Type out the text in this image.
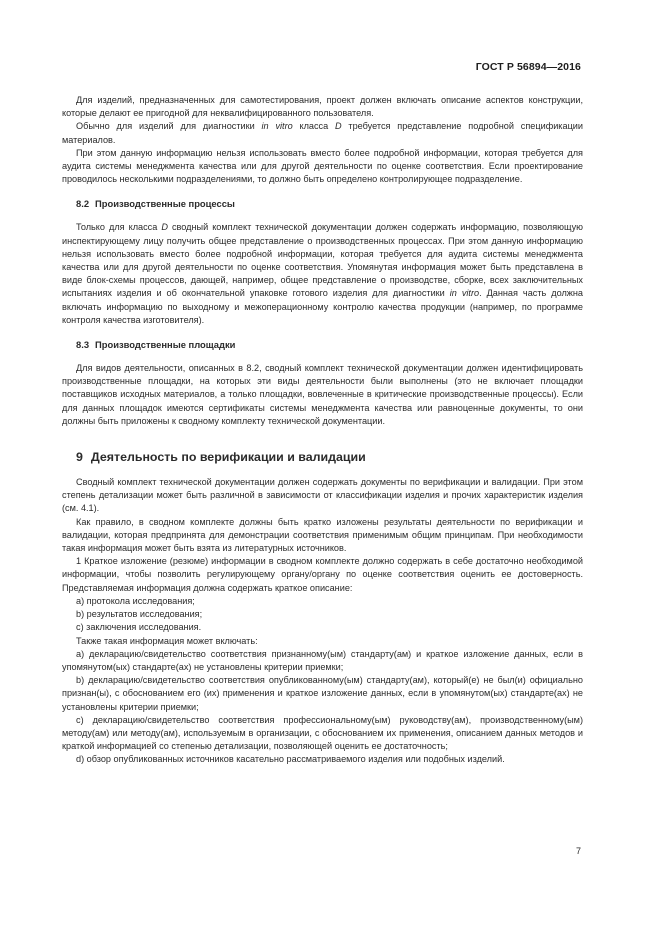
ГОСТ Р 56894—2016

Для изделий, предназначенных для самотестирования, проект должен включать описание аспектов конструкции, которые делают ее пригодной для неквалифицированного пользователя.

Обычно для изделий для диагностики in vitro класса D требуется представление подробной спецификации материалов.

При этом данную информацию нельзя использовать вместо более подробной информации, которая требуется для аудита системы менеджмента качества или для другой деятельности по оценке соответствия. Если проектирование проводилось несколькими подразделениями, то должно быть определено контролирующее подразделение.

8.2 Производственные процессы

Только для класса D сводный комплект технической документации должен содержать информацию, позволяющую инспектирующему лицу получить общее представление о производственных процессах. При этом данную информацию нельзя использовать вместо более подробной информации, которая требуется для аудита системы менеджмента качества или для другой деятельности по оценке соответствия. Упомянутая информация может быть представлена в виде блок-схемы процессов, дающей, например, общее представление о производстве, сборке, всех заключительных испытаниях изделия и об окончательной упаковке готового изделия для диагностики in vitro. Данная часть должна включать информацию по выходному и межоперационному контролю качества продукции (например, по программе контроля качества изготовителя).

8.3 Производственные площадки

Для видов деятельности, описанных в 8.2, сводный комплект технической документации должен идентифицировать производственные площадки, на которых эти виды деятельности были выполнены (это не включает площадки поставщиков исходных материалов, а только площадки, вовлеченные в критические производственные процессы). Если для данных площадок имеются сертификаты системы менеджмента качества или равноценные документы, то они должны быть приложены к сводному комплекту технической документации.

9 Деятельность по верификации и валидации

Сводный комплект технической документации должен содержать документы по верификации и валидации. При этом степень детализации может быть различной в зависимости от классификации изделия и прочих характеристик изделия (см. 4.1).

Как правило, в сводном комплекте должны быть кратко изложены результаты деятельности по верификации и валидации, которая предпринята для демонстрации соответствия применимым общим принципам. При необходимости такая информация может быть взята из литературных источников.

1 Краткое изложение (резюме) информации в сводном комплекте должно содержать в себе достаточно необходимой информации, чтобы позволить регулирующему органу/органу по оценке соответствия оценить ее достоверность. Представляемая информация должна содержать краткое описание:

а) протокола исследования;

b) результатов исследования;

с) заключения исследования.

Также такая информация может включать:

а) декларацию/свидетельство соответствия признанному(ым) стандарту(ам) и краткое изложение данных, если в упомянутом(ых) стандарте(ах) не установлены критерии приемки;

b) декларацию/свидетельство соответствия опубликованному(ым) стандарту(ам), который(е) не был(и) официально признан(ы), с обоснованием его (их) применения и краткое изложение данных, если в упомянутом(ых) стандарте(ах) не установлены критерии приемки;

с) декларацию/свидетельство соответствия профессиональному(ым) руководству(ам), производственному(ым) методу(ам) или методу(ам), используемым в организации, с обоснованием их применения, описанием данных методов и краткой информацией со степенью детализации, позволяющей оценить ее достаточность;

d) обзор опубликованных источников касательно рассматриваемого изделия или подобных изделий.

7
